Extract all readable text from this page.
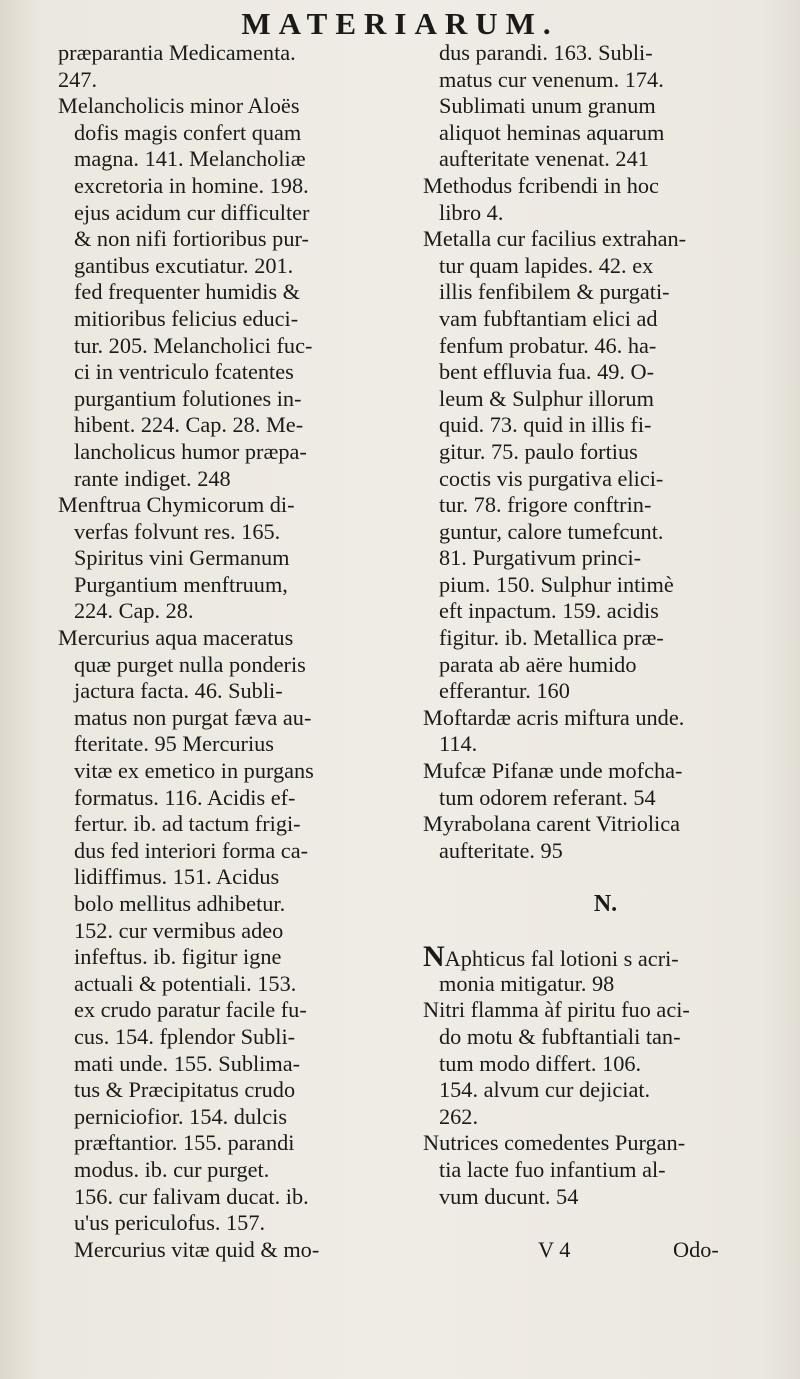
MATERIARUM.
præparantia Medicamenta.
247.
Melancholicis minor Aloës
dofis magis confert quam
magna. 141. Melancholiæ
excretoria in homine. 198.
ejus acidum cur difficulter
& non nifi fortioribus pur-
gantibus excutiatur. 201.
fed frequenter humidis &
mitioribus felicius educi-
tur. 205. Melancholici fuc-
ci in ventriculo fcatentes
purgantium folutiones in-
hibent. 224. Cap. 28. Me-
lancholicus humor præpa-
rante indiget. 248
Menftrua Chymicorum di-
verfas folvunt res. 165.
Spiritus vini Germanum
Purgantium menftruum,
224. Cap. 28.
Mercurius aqua maceratus
quæ purget nulla ponderis
jactura facta. 46. Subli-
matus non purgat fæva au-
fteritate. 95 Mercurius
vitæ ex emetico in purgans
formatus. 116. Acidis ef-
fertur. ib. ad tactum frigi-
dus fed interiori forma ca-
lidiffimus. 151. Acidus
bolo mellitus adhibetur.
152. cur vermibus adeo
infeftus. ib. figitur igne
actuali & potentiali. 153.
ex crudo paratur facile fu-
cus. 154. fplendor Subli-
mati unde. 155. Sublima-
tus & Præcipitatus crudo
perniciofior. 154. dulcis
præftantior. 155. parandi
modus. ib. cur purget.
156. cur falivam ducat. ib.
u'us periculofus. 157.
Mercurius vitæ quid & mo-
dus parandi. 163. Subli-
matus cur venenum. 174.
Sublimati unum granum
aliquot heminas aquarum
aufteritate venenat. 241
Methodus fcribendi in hoc
libro 4.
Metalla cur facilius extrahan-
tur quam lapides. 42. ex
illis fenfibilem & purgati-
vam fubftantiam elici ad
fenfum probatur. 46. ha-
bent effluvia fua. 49. O-
leum & Sulphur illorum
quid. 73. quid in illis fi-
gitur. 75. paulo fortius
coctis vis purgativa elici-
tur. 78. frigore conftrin-
guntur, calore tumefcunt.
81. Purgativum princi-
pium. 150. Sulphur intimè
eft inpactum. 159. acidis
figitur. ib. Metallica præ-
parata ab aëre humido
efferantur. 160
Moftardæ acris miftura unde.
114.
Mufcæ Pifanæ unde mofcha-
tum odorem referant. 54
Myrabolana carent Vitriolica
aufteritate. 95
N.
NAphticus fal lotioni s acri-
monia mitigatur. 98
Nitri flamma àf piritu fuo aci-
do motu & fubftantiali tan-
tum modo differt. 106.
154. alvum cur dejiciat.
262.
Nutrices comedentes Purgan-
tia lacte fuo infantium al-
vum ducunt. 54
V 4	Odo-
